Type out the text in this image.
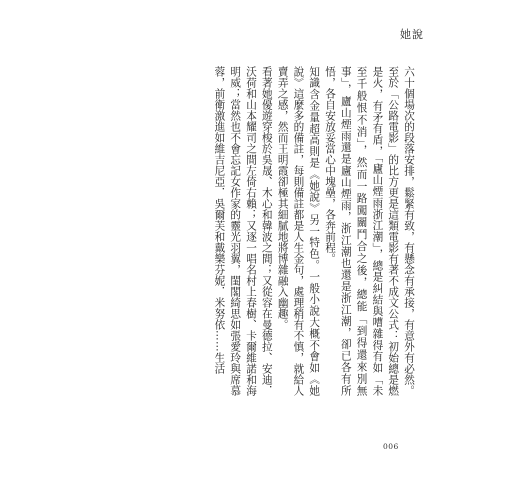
她說

六十個場次的段落安排，鬆緊有致，有懸念有承接，有意外有必然。至於「公路電影」的比方更是這類電影有著不成文公式：初始總是燃是火，有矛有盾，「廬山煙雨浙江潮」，總是糾結與嘈雜得有如「未至千般恨不消」，然而一路闖關鬥合之後，總能「到得還來別無事」，廬山煙雨還是廬山煙雨，浙江潮也還是浙江潮，卻已各有所悟，各自安放妥當心中塊壘，各奔前程。

知識含金量超高則是《她說》另一特色。一般小說大概不會如《她說》這麼多的備註，每則備註都是人生金句，處理稍有不慎，就給人賣弄之感，然而王明霞卻極其細膩地將博雜融入幽趣。

看著她優遊穿梭於吳晟、木心和韓波之間；又從容在曼德拉、安迪．沃荷和山本耀司之間左倚右賴；又逐一唱名村上春樹、卡爾維諾和海明威；當然也不會忘記女作家的靈光羽翼，閨閣綺思如張愛玲與席慕蓉，前衛激進如維吉尼亞．吳爾芙和戴樂芬妮．米努依……生活

006
